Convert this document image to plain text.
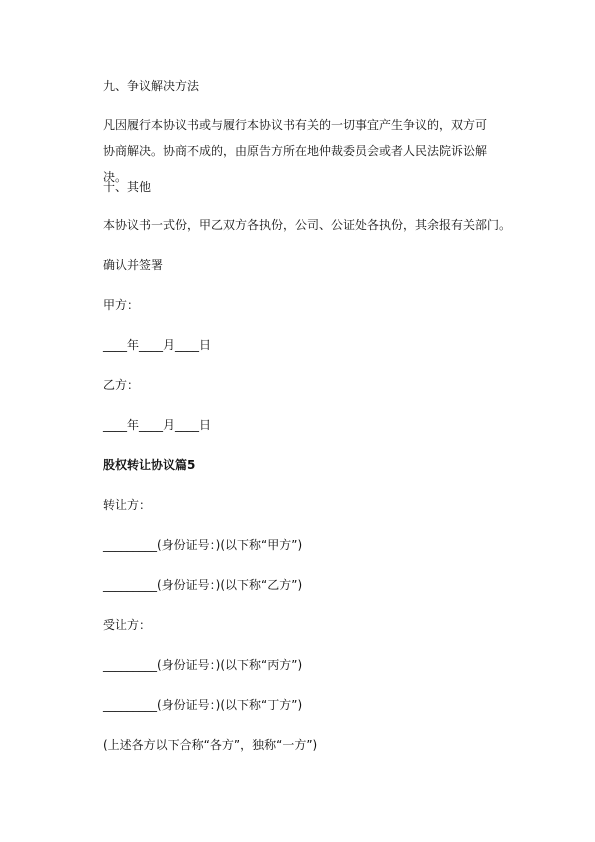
九、争议解决方法
凡因履行本协议书或与履行本协议书有关的一切事宜产生争议的，双方可协商解决。协商不成的，由原告方所在地仲裁委员会或者人民法院诉讼解决。
十、其他
本协议书一式份，甲乙双方各执份，公司、公证处各执份，其余报有关部门。
确认并签署
甲方：
____年____月____日
乙方：
____年____月____日
股权转让协议篇5
转让方：
_________(身份证号：)(以下称“甲方”)
_________(身份证号：)(以下称“乙方”)
受让方：
_________(身份证号：)(以下称“丙方”)
_________(身份证号：)(以下称“丁方”)
(上述各方以下合称“各方”，独称“一方”)
